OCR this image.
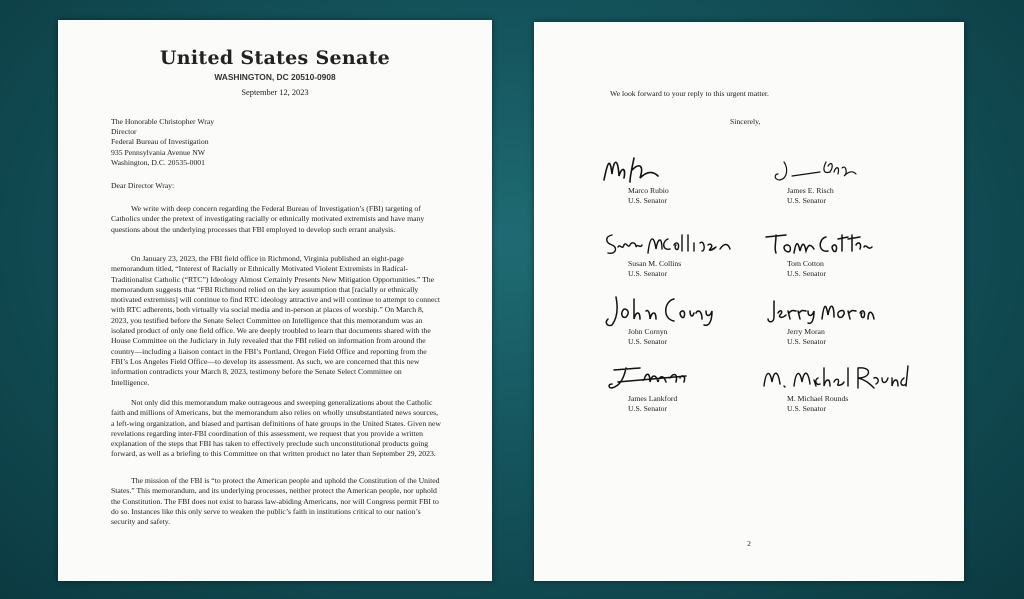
United States Senate
WASHINGTON, DC 20510-0908
September 12, 2023
The Honorable Christopher Wray
Director
Federal Bureau of Investigation
935 Pennsylvania Avenue NW
Washington, D.C. 20535-0001
Dear Director Wray:

We write with deep concern regarding the Federal Bureau of Investigation’s (FBI) targeting of Catholics under the pretext of investigating racially or ethnically motivated extremists and have many questions about the underlying processes that FBI employed to develop such errant analysis.

On January 23, 2023, the FBI field office in Richmond, Virginia published an eight-page memorandum titled, “Interest of Racially or Ethnically Motivated Violent Extremists in Radical-Traditionalist Catholic (“RTC”) Ideology Almost Certainly Presents New Mitigation Opportunities.” The memorandum suggests that “FBI Richmond relied on the key assumption that [racially or ethnically motivated extremists] will continue to find RTC ideology attractive and will continue to attempt to connect with RTC adherents, both virtually via social media and in-person at places of worship.” On March 8, 2023, you testified before the Senate Select Committee on Intelligence that this memorandum was an isolated product of only one field office. We are deeply troubled to learn that documents shared with the House Committee on the Judiciary in July revealed that the FBI relied on information from around the country—including a liaison contact in the FBI’s Portland, Oregon Field Office and reporting from the FBI’s Los Angeles Field Office—to develop its assessment. As such, we are concerned that this new information contradicts your March 8, 2023, testimony before the Senate Select Committee on Intelligence.

Not only did this memorandum make outrageous and sweeping generalizations about the Catholic faith and millions of Americans, but the memorandum also relies on wholly unsubstantiated news sources, a left-wing organization, and biased and partisan definitions of hate groups in the United States. Given new revelations regarding inter-FBI coordination of this assessment, we request that you provide a written explanation of the steps that FBI has taken to effectively preclude such unconstitutional products going forward, as well as a briefing to this Committee on that written product no later than September 29, 2023.

The mission of the FBI is “to protect the American people and uphold the Constitution of the United States.” This memorandum, and its underlying processes, neither protect the American people, nor uphold the Constitution. The FBI does not exist to harass law-abiding Americans, nor will Congress permit FBI to do so. Instances like this only serve to weaken the public’s faith in institutions critical to our nation’s security and safety.

We look forward to your reply to this urgent matter.
Sincerely,
Marco Rubio
U.S. Senator
James E. Risch
U.S. Senator
Susan M. Collins
U.S. Senator
Tom Cotton
U.S. Senator
John Cornyn
U.S. Senator
Jerry Moran
U.S. Senator
James Lankford
U.S. Senator
M. Michael Rounds
U.S. Senator
2
